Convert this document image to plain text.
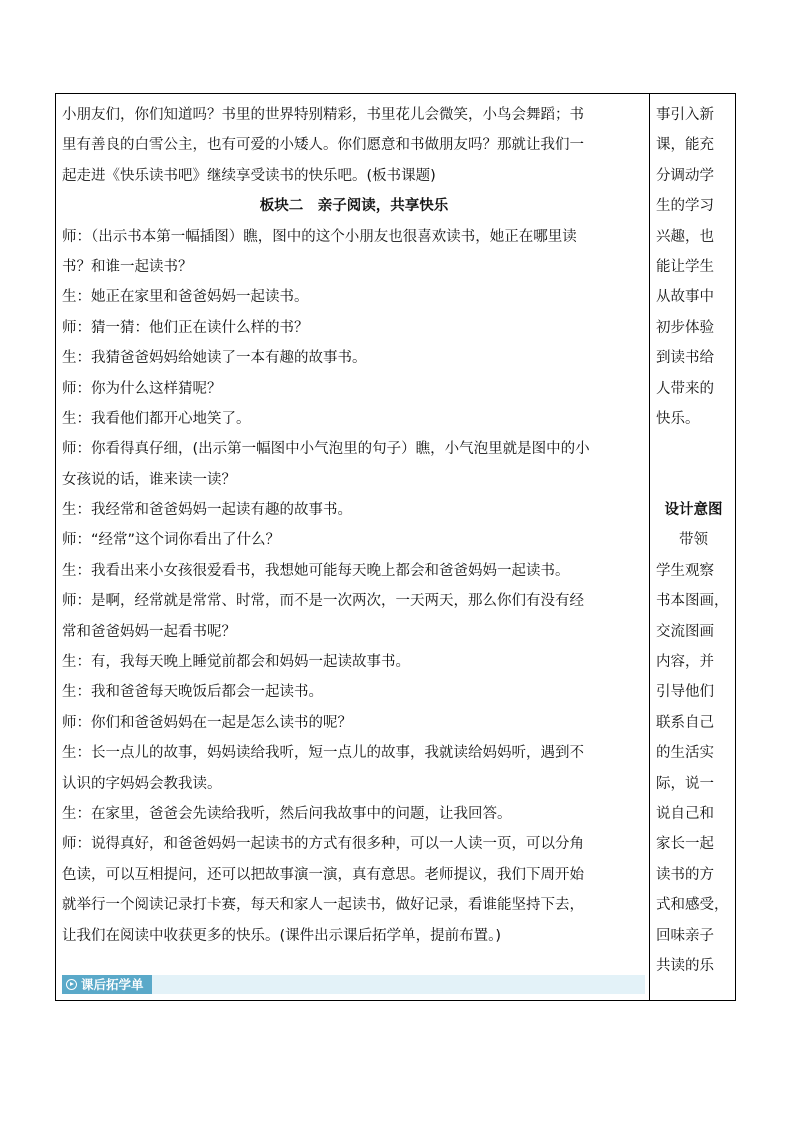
小朋友们，你们知道吗？书里的世界特别精彩，书里花儿会微笑，小鸟会舞蹈；书
里有善良的白雪公主，也有可爱的小矮人。你们愿意和书做朋友吗？那就让我们一
起走进《快乐读书吧》继续享受读书的快乐吧。(板书课题)
板块二　亲子阅读，共享快乐
师：（出示书本第一幅插图）瞧，图中的这个小朋友也很喜欢读书，她正在哪里读
书？和谁一起读书？
生：她正在家里和爸爸妈妈一起读书。
师：猜一猜：他们正在读什么样的书？
生：我猜爸爸妈妈给她读了一本有趣的故事书。
师：你为什么这样猜呢？
生：我看他们都开心地笑了。
师：你看得真仔细，(出示第一幅图中小气泡里的句子）瞧，小气泡里就是图中的小
女孩说的话，谁来读一读？
生：我经常和爸爸妈妈一起读有趣的故事书。
师：“经常”这个词你看出了什么？
生：我看出来小女孩很爱看书，我想她可能每天晚上都会和爸爸妈妈一起读书。
师：是啊，经常就是常常、时常，而不是一次两次，一天两天，那么你们有没有经
常和爸爸妈妈一起看书呢？
生：有，我每天晚上睡觉前都会和妈妈一起读故事书。
生：我和爸爸每天晚饭后都会一起读书。
师：你们和爸爸妈妈在一起是怎么读书的呢？
生：长一点儿的故事，妈妈读给我听，短一点儿的故事，我就读给妈妈听，遇到不
认识的字妈妈会教我读。
生：在家里，爸爸会先读给我听，然后问我故事中的问题，让我回答。
师：说得真好，和爸爸妈妈一起读书的方式有很多种，可以一人读一页，可以分角
色读，可以互相提问，还可以把故事演一演，真有意思。老师提议，我们下周开始
就举行一个阅读记录打卡赛，每天和家人一起读书，做好记录，看谁能坚持下去，
让我们在阅读中收获更多的快乐。(课件出示课后拓学单，提前布置。)
课后拓学单
事引入新
课，能充
分调动学
生的学习
兴趣，也
能让学生
从故事中
初步体验
到读书给
人带来的
快乐。
设计意图
带领
学生观察
书本图画，
交流图画
内容，并
引导他们
联系自己
的生活实
际，说一
说自己和
家长一起
读书的方
式和感受，
回味亲子
共读的乐
